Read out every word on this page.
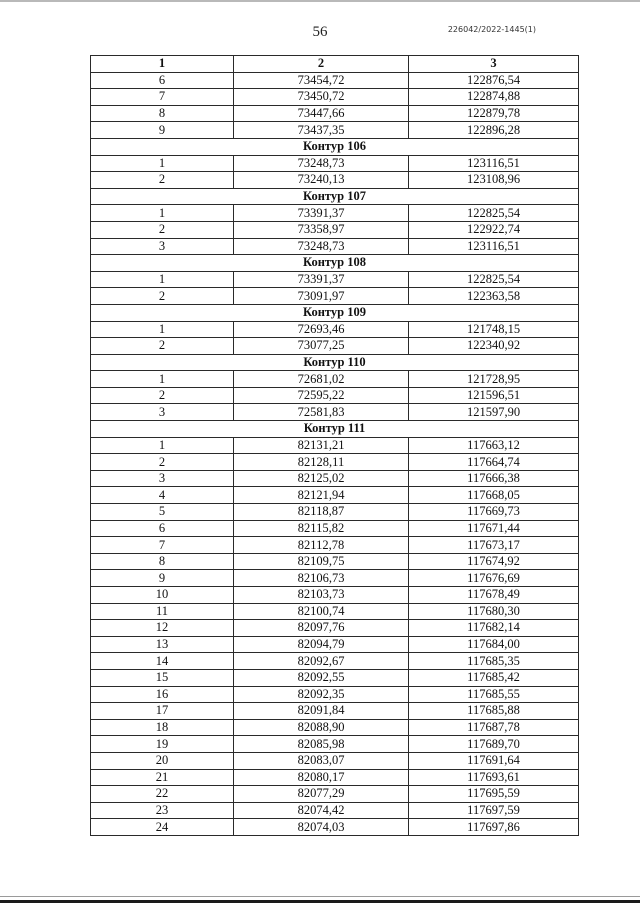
56	226042/2022-1445(1)
1	2	3
6	73454,72	122876,54
7	73450,72	122874,88
8	73447,66	122879,78
9	73437,35	122896,28
Контур 106		
1	73248,73	123116,51
2	73240,13	123108,96
Контур 107		
1	73391,37	122825,54
2	73358,97	122922,74
3	73248,73	123116,51
Контур 108		
1	73391,37	122825,54
2	73091,97	122363,58
Контур 109		
1	72693,46	121748,15
2	73077,25	122340,92
Контур 110		
1	72681,02	121728,95
2	72595,22	121596,51
3	72581,83	121597,90
Контур 111		
1	82131,21	117663,12
2	82128,11	117664,74
3	82125,02	117666,38
4	82121,94	117668,05
5	82118,87	117669,73
6	82115,82	117671,44
7	82112,78	117673,17
8	82109,75	117674,92
9	82106,73	117676,69
10	82103,73	117678,49
11	82100,74	117680,30
12	82097,76	117682,14
13	82094,79	117684,00
14	82092,67	117685,35
15	82092,55	117685,42
16	82092,35	117685,55
17	82091,84	117685,88
18	82088,90	117687,78
19	82085,98	117689,70
20	82083,07	117691,64
21	82080,17	117693,61
22	82077,29	117695,59
23	82074,42	117697,59
24	82074,03	117697,86
